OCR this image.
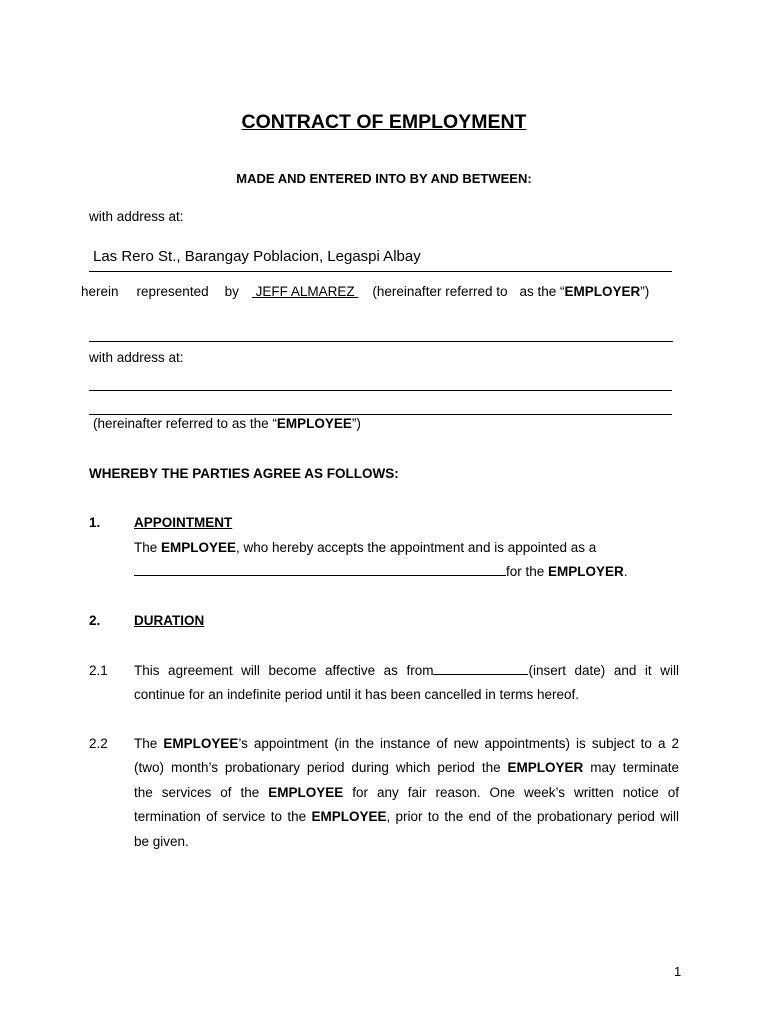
CONTRACT OF EMPLOYMENT
MADE AND ENTERED INTO BY AND BETWEEN:
with address at:
Las Rero St., Barangay Poblacion, Legaspi Albay
herein represented by JEFF ALMAREZ (hereinafter referred to as the “EMPLOYER”)
with address at:
(hereinafter referred to as the “EMPLOYEE”)
WHEREBY THE PARTIES AGREE AS FOLLOWS:
1. APPOINTMENT
The EMPLOYEE, who hereby accepts the appointment and is appointed as a
for the EMPLOYER.
2. DURATION
2.1 This agreement will become affective as from	(insert date) and it will
continue for an indefinite period until it has been cancelled in terms hereof.
2.2 The EMPLOYEE’s appointment (in the instance of new appointments) is subject to a 2
(two) month’s probationary period during which period the EMPLOYER may terminate
the services of the EMPLOYEE for any fair reason. One week’s written notice of
termination of service to the EMPLOYEE, prior to the end of the probationary period will
be given.
1
